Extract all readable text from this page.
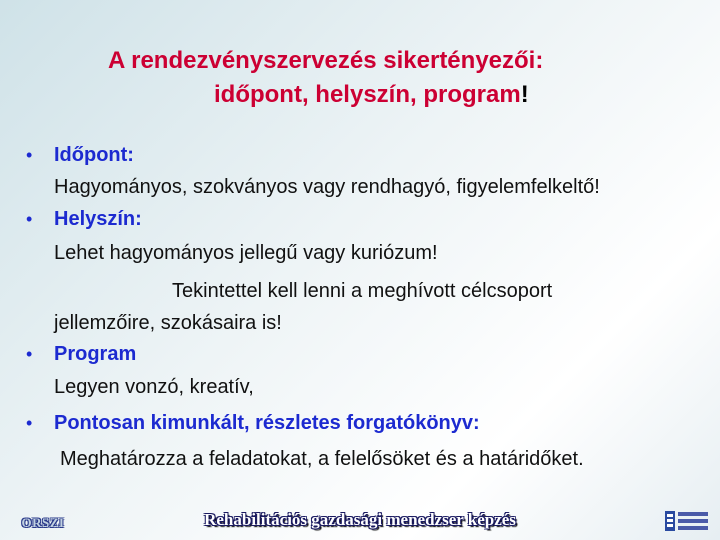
A rendezvényszervezés sikertényezői:
időpont, helyszín, program!
• Időpont:
Hagyományos, szokványos vagy rendhagyó, figyelemfelkeltő!
• Helyszín:
Lehet hagyományos jellegű vagy kuriózum!
Tekintettel kell lenni a meghívott célcsoport
jellemzőire, szokásaira is!
• Program
Legyen vonzó, kreatív,
• Pontosan kimunkált, részletes forgatókönyv:
Meghatározza a feladatokat, a felelősöket és a határidőket.
ORSZI	Rehabilitációs gazdasági menedzser képzés
